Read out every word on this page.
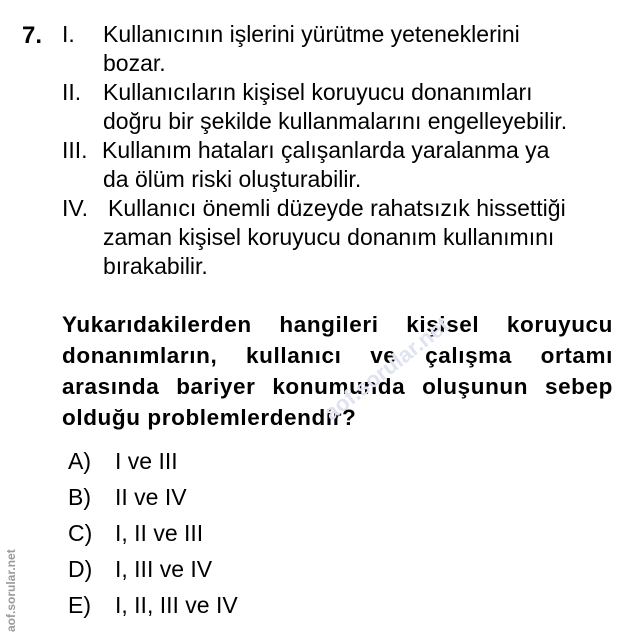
7. I. Kullanıcının işlerini yürütme yeteneklerini
bozar.
II. Kullanıcıların kişisel koruyucu donanımları
doğru bir şekilde kullanmalarını engelleyebilir.
III. Kullanım hataları çalışanlarda yaralanma ya
da ölüm riski oluşturabilir.
IV. Kullanıcı önemli düzeyde rahatsızık hissettiği
zaman kişisel koruyucu donanım kullanımını
bırakabilir.
Yukarıdakilerden hangileri kişisel koruyucu
donanımların, kullanıcı ve çalışma ortamı
arasında bariyer konumunda oluşunun sebep
olduğu problemlerdendir?
A) I ve III
B) II ve IV
C) I, II ve III
D) I, III ve IV
E) I, II, III ve IV
aof.sorular.net
aof.sorular.net
